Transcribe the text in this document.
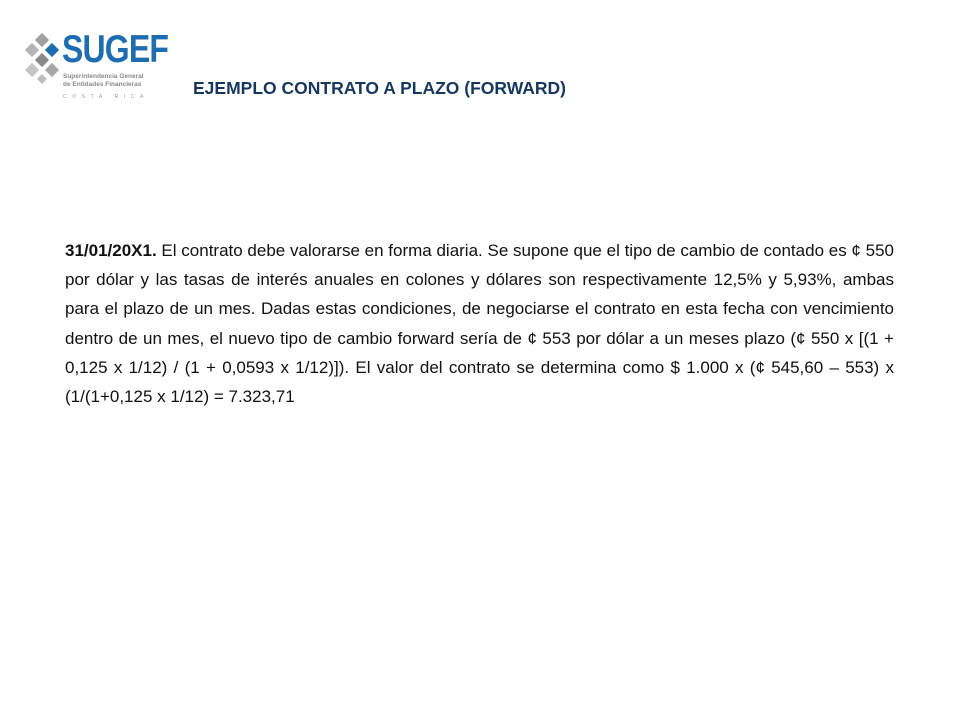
SUGEF
Superintendencia General
de Entidades Financieras
COSTA RICA	EJEMPLO CONTRATO A PLAZO (FORWARD)

31/01/20X1. El contrato debe valorarse en forma diaria. Se supone que el tipo de cambio de contado es ¢ 550 por dólar y las tasas de interés anuales en colones y dólares son respectivamente 12,5% y 5,93%, ambas para el plazo de un mes. Dadas estas condiciones, de negociarse el contrato en esta fecha con vencimiento dentro de un mes, el nuevo tipo de cambio forward sería de ¢ 553 por dólar a un meses plazo (¢ 550 x [(1 + 0,125 x 1/12) / (1 + 0,0593 x 1/12)]). El valor del contrato se determina como $ 1.000 x (¢ 545,60 – 553) x (1/(1+0,125 x 1/12) = 7.323,71
